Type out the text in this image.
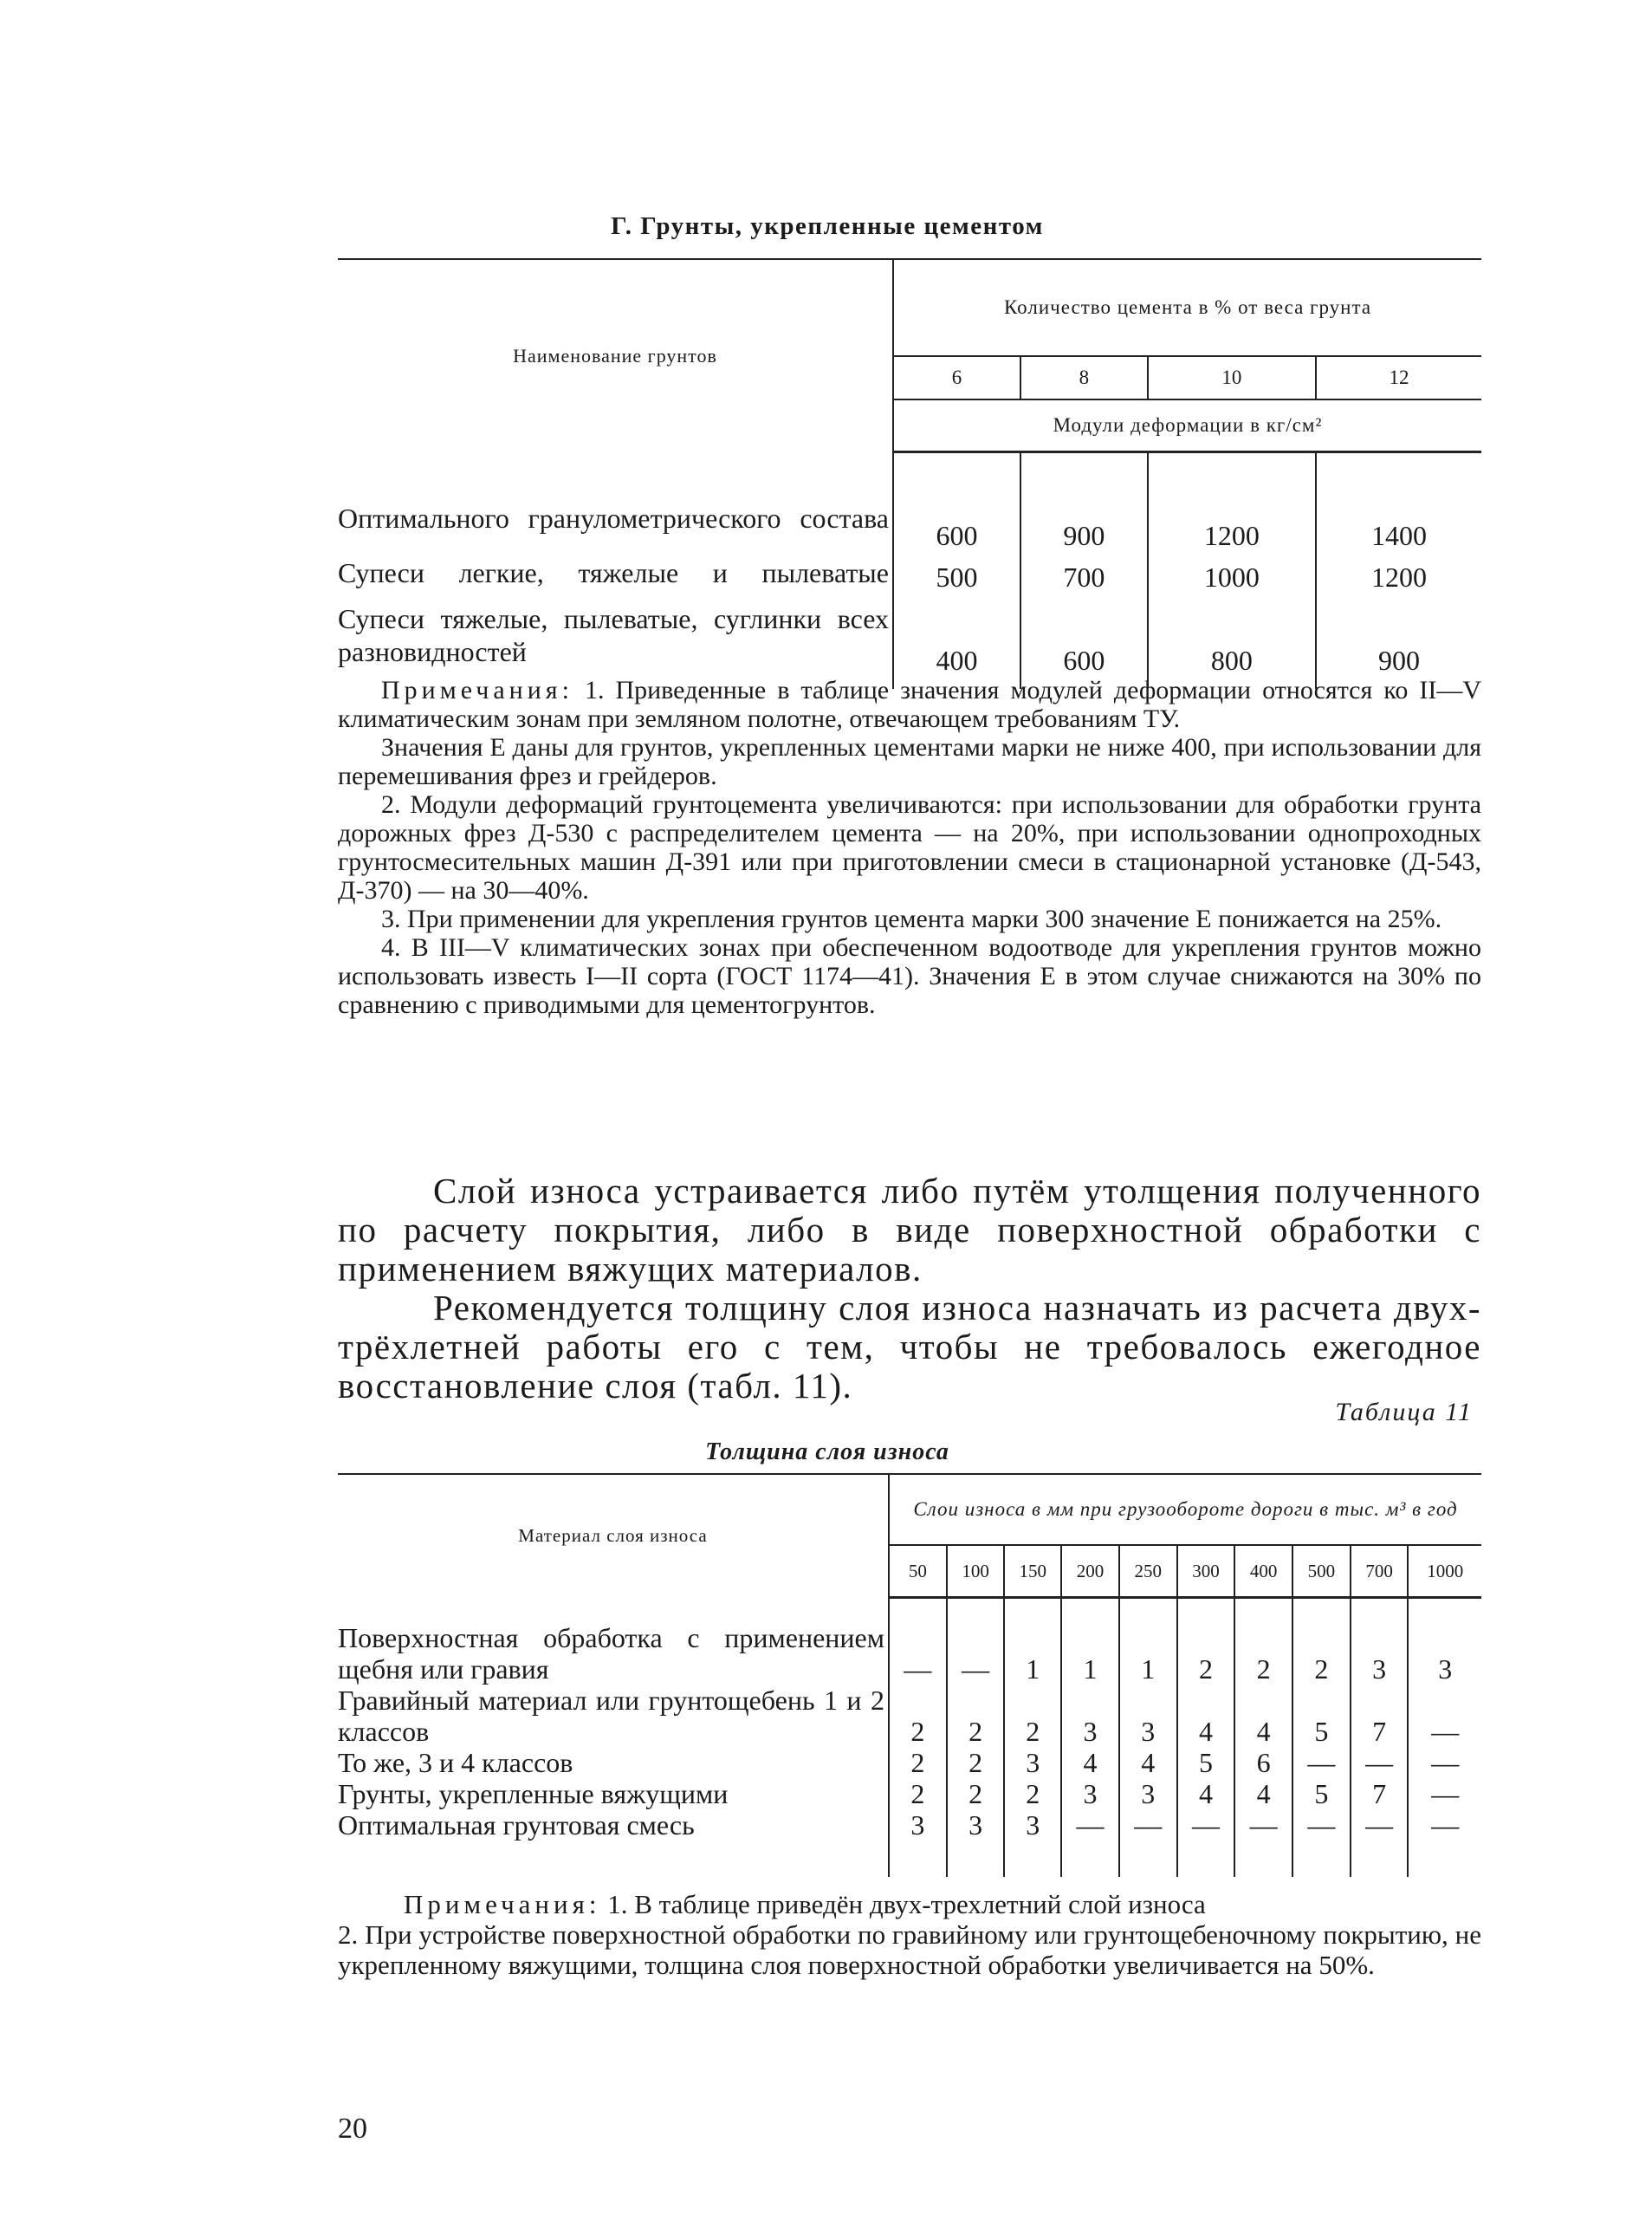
Г. Грунты, укрепленные цементом
Наименование грунтов	Количество цемента в % от веса грунта			
	6	8	10	12
	Модули деформации в кг/см²			
Оптимального гранулометрического состава	600	900	1200	1400
Супеси легкие, тяжелые и пылеватые	500	700	1000	1200
Супеси тяжелые, пылеватые, суглинки всех разновидностей	400	600	800	900

Примечания: 1. Приведенные в таблице значения модулей деформации относятся ко II—V климатическим зонам при земляном полотне, отвечающем требованиям ТУ.

Значения Е даны для грунтов, укрепленных цементами марки не ниже 400, при использовании для перемешивания фрез и грейдеров.

2. Модули деформаций грунтоцемента увеличиваются: при использовании для обработки грунта дорожных фрез Д-530 с распределителем цемента — на 20%, при использовании однопроходных грунтосмесительных машин Д-391 или при приготовлении смеси в стационарной установке (Д-543, Д-370) — на 30—40%.

3. При применении для укрепления грунтов цемента марки 300 значение Е понижается на 25%.

4. В III—V климатических зонах при обеспеченном водоотводе для укрепления грунтов можно использовать известь I—II сорта (ГОСТ 1174—41). Значения Е в этом случае снижаются на 30% по сравнению с приводимыми для цементогрунтов.

Слой износа устраивается либо путём утолщения полученного по расчету покрытия, либо в виде поверхностной обработки с применением вяжущих материалов.

Рекомендуется толщину слоя износа назначать из расчета двух-трёхлетней работы его с тем, чтобы не требовалось ежегодное восстановление слоя (табл. 11).

Таблица 11
Толщина слоя износа
Материал слоя износа	Слои износа в мм при грузообороте дороги в тыс. м³ в год									
	50	100	150	200	250	300	400	500	700	1000
Поверхностная обработка с применением щебня или гравия	—	—	1	1	1	2	2	2	3	3
Гравийный материал или грунтощебень 1 и 2 классов	2	2	2	3	3	4	4	5	7	—
То же, 3 и 4 классов	2	2	3	4	4	5	6	—	—	—
Грунты, укрепленные вяжущими	2	2	2	3	3	4	4	5	7	—
Оптимальная грунтовая смесь	3	3	3	—	—	—	—	—	—	—

Примечания: 1. В таблице приведён двух-трехлетний слой износа

2. При устройстве поверхностной обработки по гравийному или грунтощебеночному покрытию, не укрепленному вяжущими, толщина слоя поверхностной обработки увеличивается на 50%.

20
